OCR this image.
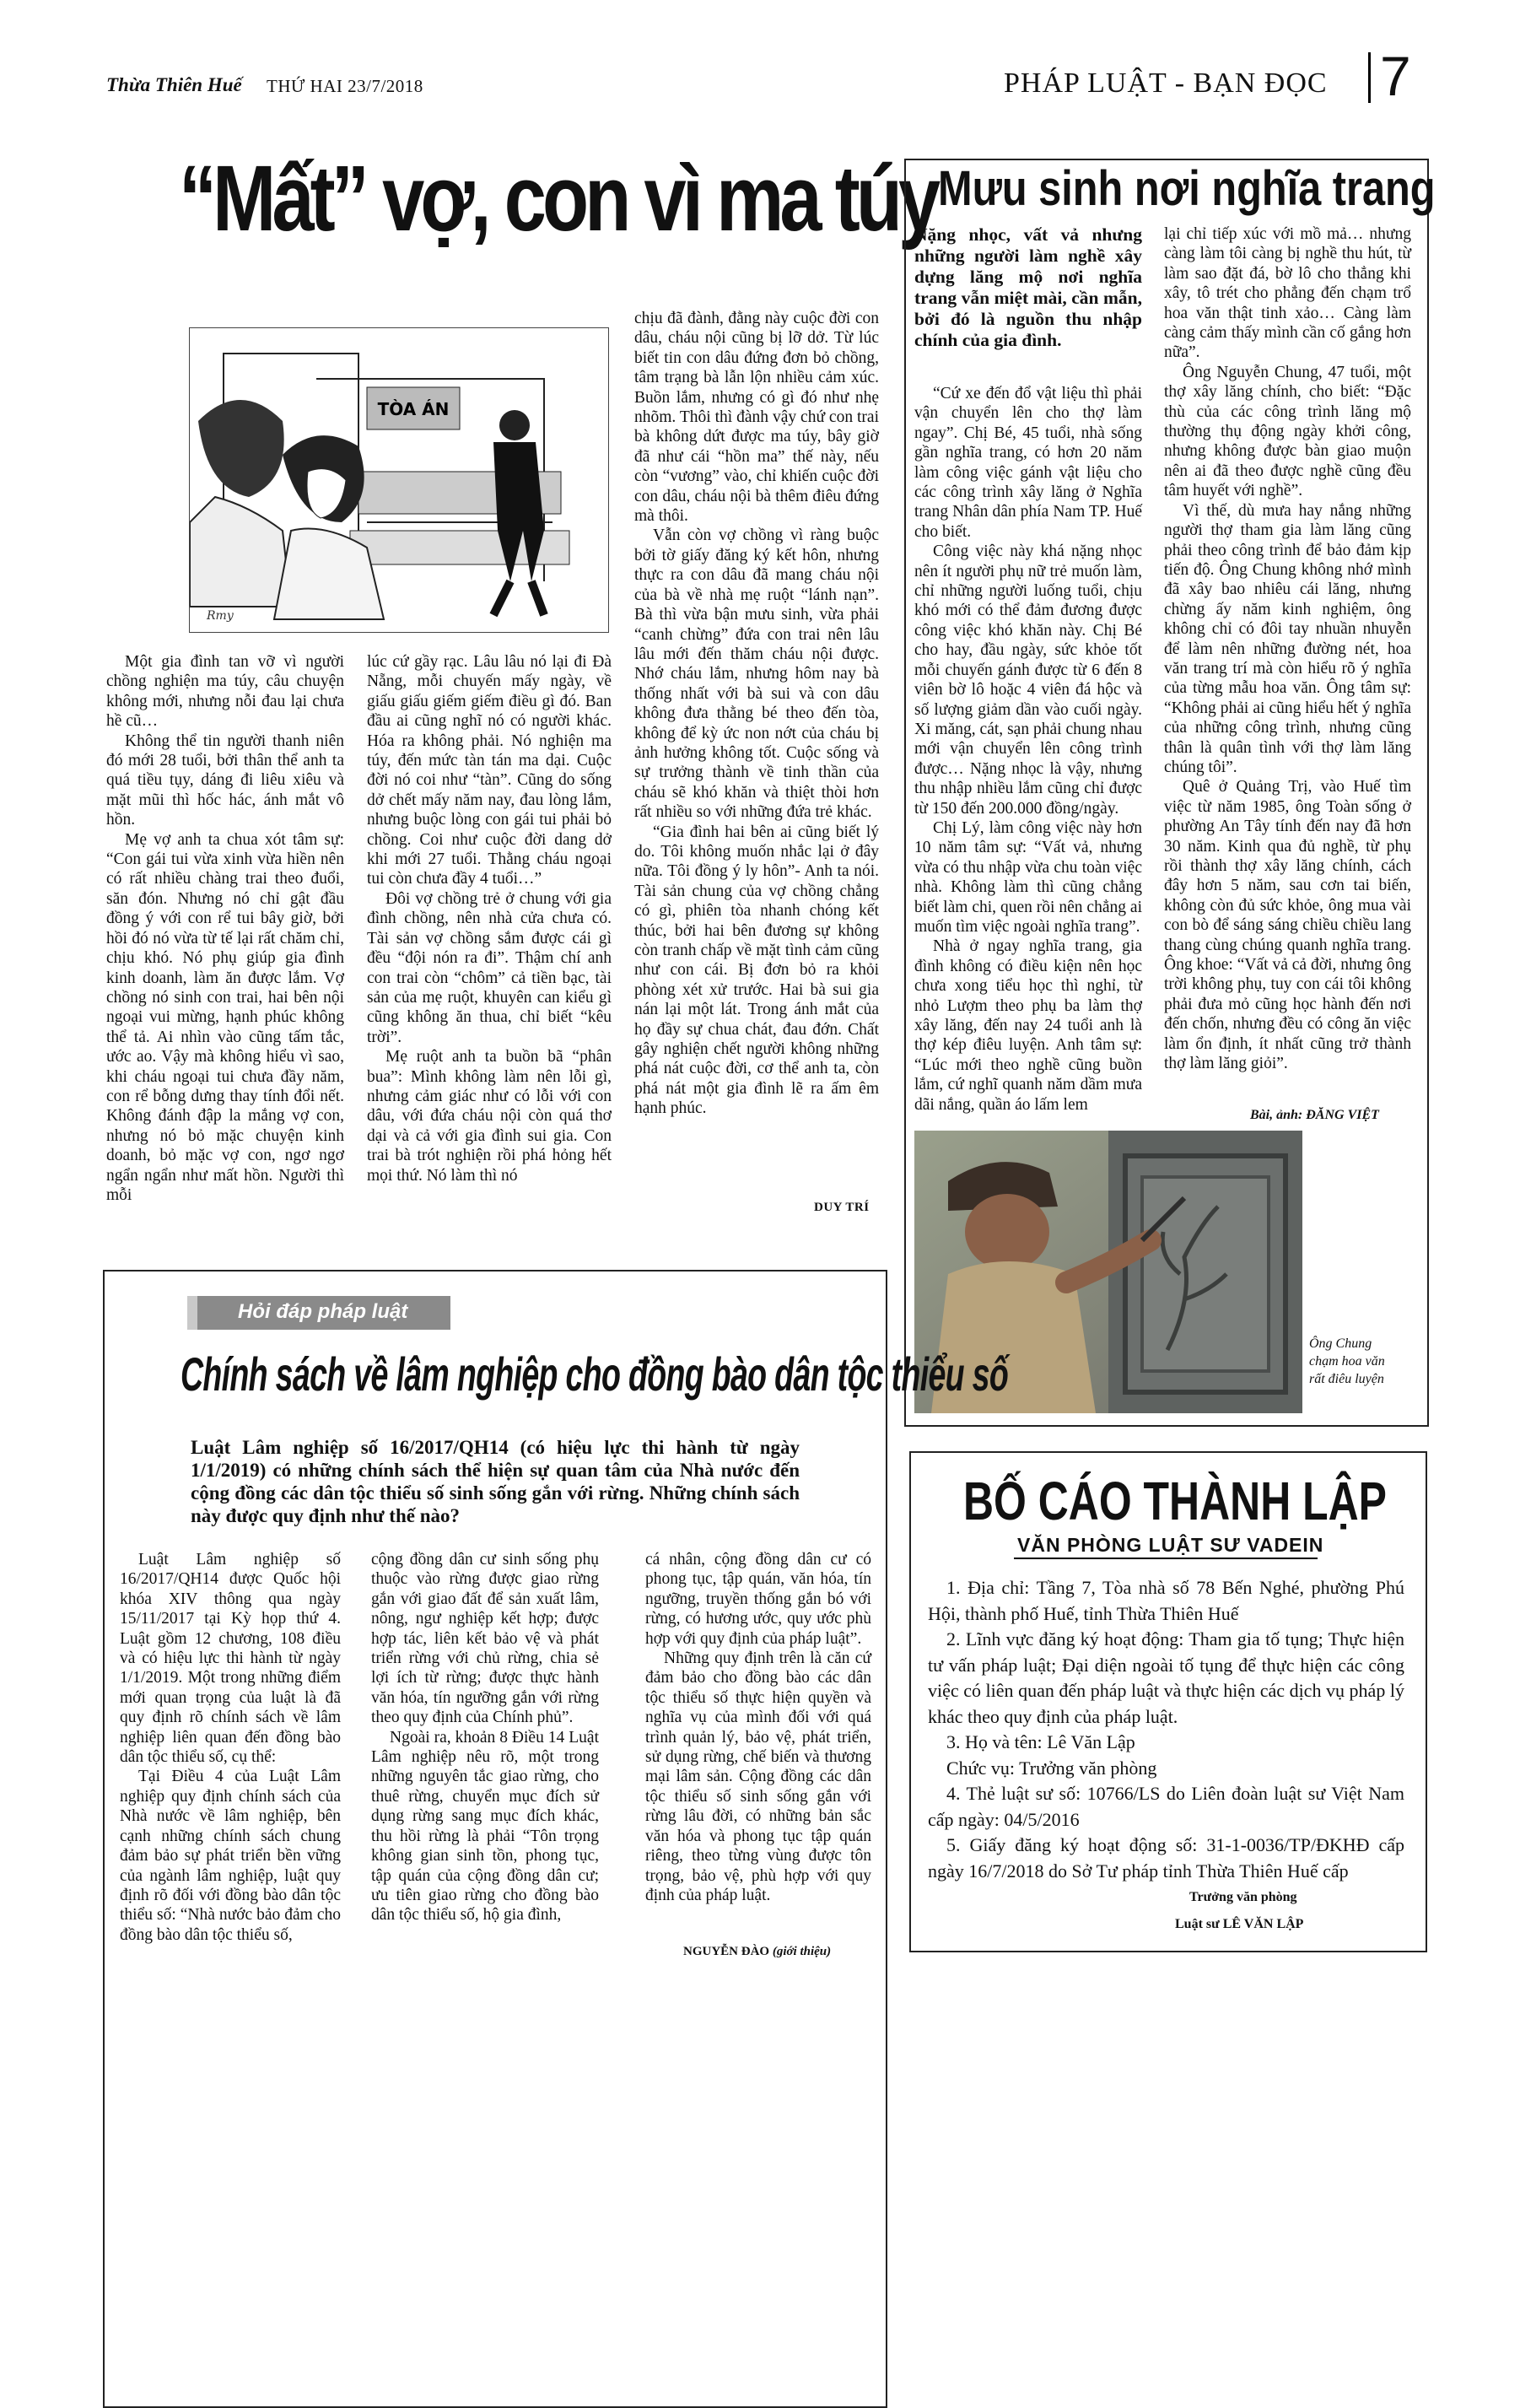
Thừa Thiên Huế THỨ HAI 23/7/2018	PHÁP LUẬT - BẠN ĐỌC 7
“Mất” vợ, con vì ma túy
TÒA ÁN
Rmy

Một gia đình tan vỡ vì người chồng nghiện ma túy, câu chuyện không mới, nhưng nỗi đau lại chưa hề cũ…

Không thể tin người thanh niên đó mới 28 tuổi, bởi thân thể anh ta quá tiều tụy, dáng đi liêu xiêu và mặt mũi thì hốc hác, ánh mắt vô hồn.

Mẹ vợ anh ta chua xót tâm sự: “Con gái tui vừa xinh vừa hiền nên có rất nhiều chàng trai theo đuổi, săn đón. Nhưng nó chỉ gật đầu đồng ý với con rể tui bây giờ, bởi hồi đó nó vừa từ tế lại rất chăm chỉ, chịu khó. Nó phụ giúp gia đình kinh doanh, làm ăn được lắm. Vợ chồng nó sinh con trai, hai bên nội ngoại vui mừng, hạnh phúc không thể tả. Ai nhìn vào cũng tấm tắc, ước ao. Vậy mà không hiểu vì sao, khi cháu ngoại tui chưa đầy năm, con rể bỗng dưng thay tính đổi nết. Không đánh đập la mắng vợ con, nhưng nó bỏ mặc chuyện kinh doanh, bỏ mặc vợ con, ngơ ngơ ngẩn ngẩn như mất hồn. Người thì mỗi

lúc cứ gầy rạc. Lâu lâu nó lại đi Đà Nẵng, mỗi chuyến mấy ngày, về giấu giấu giếm giếm điều gì đó. Ban đầu ai cũng nghĩ nó có người khác. Hóa ra không phải. Nó nghiện ma túy, đến mức tàn tán ma dại. Cuộc đời nó coi như “tàn”. Cũng do sống dở chết mấy năm nay, đau lòng lắm, nhưng buộc lòng con gái tui phải bỏ chồng. Coi như cuộc đời dang dở khi mới 27 tuổi. Thằng cháu ngoại tui còn chưa đầy 4 tuổi…”

Đôi vợ chồng trẻ ở chung với gia đình chồng, nên nhà cửa chưa có. Tài sản vợ chồng sắm được cái gì đều “đội nón ra đi”. Thậm chí anh con trai còn “chôm” cả tiền bạc, tài sản của mẹ ruột, khuyên can kiểu gì cũng không ăn thua, chỉ biết “kêu trời”.

Mẹ ruột anh ta buồn bã “phân bua”: Mình không làm nên lỗi gì, nhưng cảm giác như có lỗi với con dâu, với đứa cháu nội còn quá thơ dại và cả với gia đình sui gia. Con trai bà trót nghiện rồi phá hỏng hết mọi thứ. Nó làm thì nó

chịu đã đành, đằng này cuộc đời con dâu, cháu nội cũng bị lỡ dở. Từ lúc biết tin con dâu đứng đơn bỏ chồng, tâm trạng bà lẫn lộn nhiều cảm xúc. Buồn lắm, nhưng có gì đó như nhẹ nhõm. Thôi thì đành vậy chứ con trai bà không dứt được ma túy, bây giờ đã như cái “hồn ma” thế này, nếu còn “vương” vào, chỉ khiến cuộc đời con dâu, cháu nội bà thêm điêu đứng mà thôi.

Vẫn còn vợ chồng vì ràng buộc bởi tờ giấy đăng ký kết hôn, nhưng thực ra con dâu đã mang cháu nội của bà về nhà mẹ ruột “lánh nạn”. Bà thì vừa bận mưu sinh, vừa phải “canh chừng” đứa con trai nên lâu lâu mới đến thăm cháu nội được. Nhớ cháu lắm, nhưng hôm nay bà thống nhất với bà sui và con dâu không đưa thằng bé theo đến tòa, không để kỳ ức non nớt của cháu bị ảnh hưởng không tốt. Cuộc sống và sự trưởng thành về tinh thần của cháu sẽ khó khăn và thiệt thòi hơn rất nhiều so với những đứa trẻ khác.

“Gia đình hai bên ai cũng biết lý do. Tôi không muốn nhắc lại ở đây nữa. Tôi đồng ý ly hôn”- Anh ta nói. Tài sản chung của vợ chồng chẳng có gì, phiên tòa nhanh chóng kết thúc, bởi hai bên đương sự không còn tranh chấp về mặt tình cảm cũng như con cái. Bị đơn bỏ ra khỏi phòng xét xử trước. Hai bà sui gia nán lại một lát. Trong ánh mắt của họ đầy sự chua chát, đau đớn. Chất gây nghiện chết người không những phá nát cuộc đời, cơ thể anh ta, còn phá nát một gia đình lẽ ra ấm êm hạnh phúc.

DUY TRÍ
Mưu sinh nơi nghĩa trang
Nặng nhọc, vất vả nhưng những người làm nghề xây dựng lăng mộ nơi nghĩa trang vẫn miệt mài, cần mẫn, bởi đó là nguồn thu nhập chính của gia đình.

“Cứ xe đến đổ vật liệu thì phải vận chuyển lên cho thợ làm ngay”. Chị Bé, 45 tuổi, nhà sống gần nghĩa trang, có hơn 20 năm làm công việc gánh vật liệu cho các công trình xây lăng ở Nghĩa trang Nhân dân phía Nam TP. Huế cho biết.

Công việc này khá nặng nhọc nên ít người phụ nữ trẻ muốn làm, chỉ những người luống tuổi, chịu khó mới có thể đảm đương được công việc khó khăn này. Chị Bé cho hay, đầu ngày, sức khỏe tốt mỗi chuyến gánh được từ 6 đến 8 viên bờ lô hoặc 4 viên đá hộc và số lượng giảm dần vào cuối ngày. Xi măng, cát, sạn phải chung nhau mới vận chuyển lên công trình được… Nặng nhọc là vậy, nhưng thu nhập nhiều lắm cũng chỉ được từ 150 đến 200.000 đồng/ngày.

Chị Lý, làm công việc này hơn 10 năm tâm sự: “Vất vả, nhưng vừa có thu nhập vừa chu toàn việc nhà. Không làm thì cũng chẳng biết làm chi, quen rồi nên chẳng ai muốn tìm việc ngoài nghĩa trang”.

Nhà ở ngay nghĩa trang, gia đình không có điều kiện nên học chưa xong tiểu học thì nghỉ, từ nhỏ Lượm theo phụ ba làm thợ xây lăng, đến nay 24 tuổi anh là thợ kép điêu luyện. Anh tâm sự: “Lúc mới theo nghề cũng buồn lắm, cứ nghĩ quanh năm dầm mưa dãi nắng, quần áo lấm lem

lại chỉ tiếp xúc với mồ mả… nhưng càng làm tôi càng bị nghề thu hút, từ làm sao đặt đá, bờ lô cho thẳng khi xây, tô trét cho phẳng đến chạm trổ hoa văn thật tinh xảo… Càng làm càng cảm thấy mình cần cố gắng hơn nữa”.

Ông Nguyễn Chung, 47 tuổi, một thợ xây lăng chính, cho biết: “Đặc thù của các công trình lăng mộ thường thụ động ngày khởi công, nhưng không được bàn giao muộn nên ai đã theo được nghề cũng đều tâm huyết với nghề”.

Vì thế, dù mưa hay nắng những người thợ tham gia làm lăng cũng phải theo công trình để bảo đảm kịp tiến độ. Ông Chung không nhớ mình đã xây bao nhiêu cái lăng, nhưng chừng ấy năm kinh nghiệm, ông không chỉ có đôi tay nhuần nhuyễn để làm nên những đường nét, hoa văn trang trí mà còn hiểu rõ ý nghĩa của từng mẫu hoa văn. Ông tâm sự: “Không phải ai cũng hiểu hết ý nghĩa của những công trình, nhưng cũng thân là quân tình với thợ làm lăng chúng tôi”.

Quê ở Quảng Trị, vào Huế tìm việc từ năm 1985, ông Toàn sống ở phường An Tây tính đến nay đã hơn 30 năm. Kinh qua đủ nghề, từ phụ rồi thành thợ xây lăng chính, cách đây hơn 5 năm, sau cơn tai biến, không còn đủ sức khỏe, ông mua vài con bò để sáng sáng chiều chiều lang thang cùng chúng quanh nghĩa trang. Ông khoe: “Vất vả cả đời, nhưng ông trời không phụ, tuy con cái tôi không phải đưa mỏ cũng học hành đến nơi đến chốn, nhưng đều có công ăn việc làm ổn định, ít nhất cũng trở thành thợ làm lăng giỏi”.

Bài, ảnh: ĐĂNG VIỆT
Ông Chung chạm hoa văn rất điêu luyện
Hỏi đáp pháp luật
Chính sách về lâm nghiệp cho đồng bào dân tộc thiểu số
Luật Lâm nghiệp số 16/2017/QH14 (có hiệu lực thi hành từ ngày 1/1/2019) có những chính sách thể hiện sự quan tâm của Nhà nước đến cộng đồng các dân tộc thiểu số sinh sống gắn với rừng. Những chính sách này được quy định như thế nào?

Luật Lâm nghiệp số 16/2017/QH14 được Quốc hội khóa XIV thông qua ngày 15/11/2017 tại Kỳ họp thứ 4. Luật gồm 12 chương, 108 điều và có hiệu lực thi hành từ ngày 1/1/2019. Một trong những điểm mới quan trọng của luật là đã quy định rõ chính sách về lâm nghiệp liên quan đến đồng bào dân tộc thiểu số, cụ thể:

Tại Điều 4 của Luật Lâm nghiệp quy định chính sách của Nhà nước về lâm nghiệp, bên cạnh những chính sách chung đảm bảo sự phát triển bền vững của ngành lâm nghiệp, luật quy định rõ đối với đồng bào dân tộc thiểu số: “Nhà nước bảo đảm cho đồng bào dân tộc thiểu số,

cộng đồng dân cư sinh sống phụ thuộc vào rừng được giao rừng gắn với giao đất để sản xuất lâm, nông, ngư nghiệp kết hợp; được hợp tác, liên kết bảo vệ và phát triển rừng với chủ rừng, chia sẻ lợi ích từ rừng; được thực hành văn hóa, tín ngưỡng gắn với rừng theo quy định của Chính phủ”.

Ngoài ra, khoản 8 Điều 14 Luật Lâm nghiệp nêu rõ, một trong những nguyên tắc giao rừng, cho thuê rừng, chuyển mục đích sử dụng rừng sang mục đích khác, thu hồi rừng là phải “Tôn trọng không gian sinh tồn, phong tục, tập quán của cộng đồng dân cư; ưu tiên giao rừng cho đồng bào dân tộc thiểu số, hộ gia đình,

cá nhân, cộng đồng dân cư có phong tục, tập quán, văn hóa, tín ngưỡng, truyền thống gắn bó với rừng, có hương ước, quy ước phù hợp với quy định của pháp luật”.

Những quy định trên là căn cứ đảm bảo cho đồng bào các dân tộc thiểu số thực hiện quyền và nghĩa vụ của mình đối với quá trình quản lý, bảo vệ, phát triển, sử dụng rừng, chế biến và thương mại lâm sản. Cộng đồng các dân tộc thiểu số sinh sống gắn với rừng lâu đời, có những bản sắc văn hóa và phong tục tập quán riêng, theo từng vùng được tôn trọng, bảo vệ, phù hợp với quy định của pháp luật.

NGUYỄN ĐÀO (giới thiệu)
BỐ CÁO THÀNH LẬP
VĂN PHÒNG LUẬT SƯ VADEIN

1. Địa chỉ: Tầng 7, Tòa nhà số 78 Bến Nghé, phường Phú Hội, thành phố Huế, tỉnh Thừa Thiên Huế

2. Lĩnh vực đăng ký hoạt động: Tham gia tố tụng; Thực hiện tư vấn pháp luật; Đại diện ngoài tố tụng để thực hiện các công việc có liên quan đến pháp luật và thực hiện các dịch vụ pháp lý khác theo quy định của pháp luật.

3. Họ và tên: Lê Văn Lập

Chức vụ: Trưởng văn phòng

4. Thẻ luật sư số: 10766/LS do Liên đoàn luật sư Việt Nam cấp ngày: 04/5/2016

5. Giấy đăng ký hoạt động số: 31-1-0036/TP/ĐKHĐ cấp ngày 16/7/2018 do Sở Tư pháp tỉnh Thừa Thiên Huế cấp

Trưởng văn phòng
Luật sư LÊ VĂN LẬP
